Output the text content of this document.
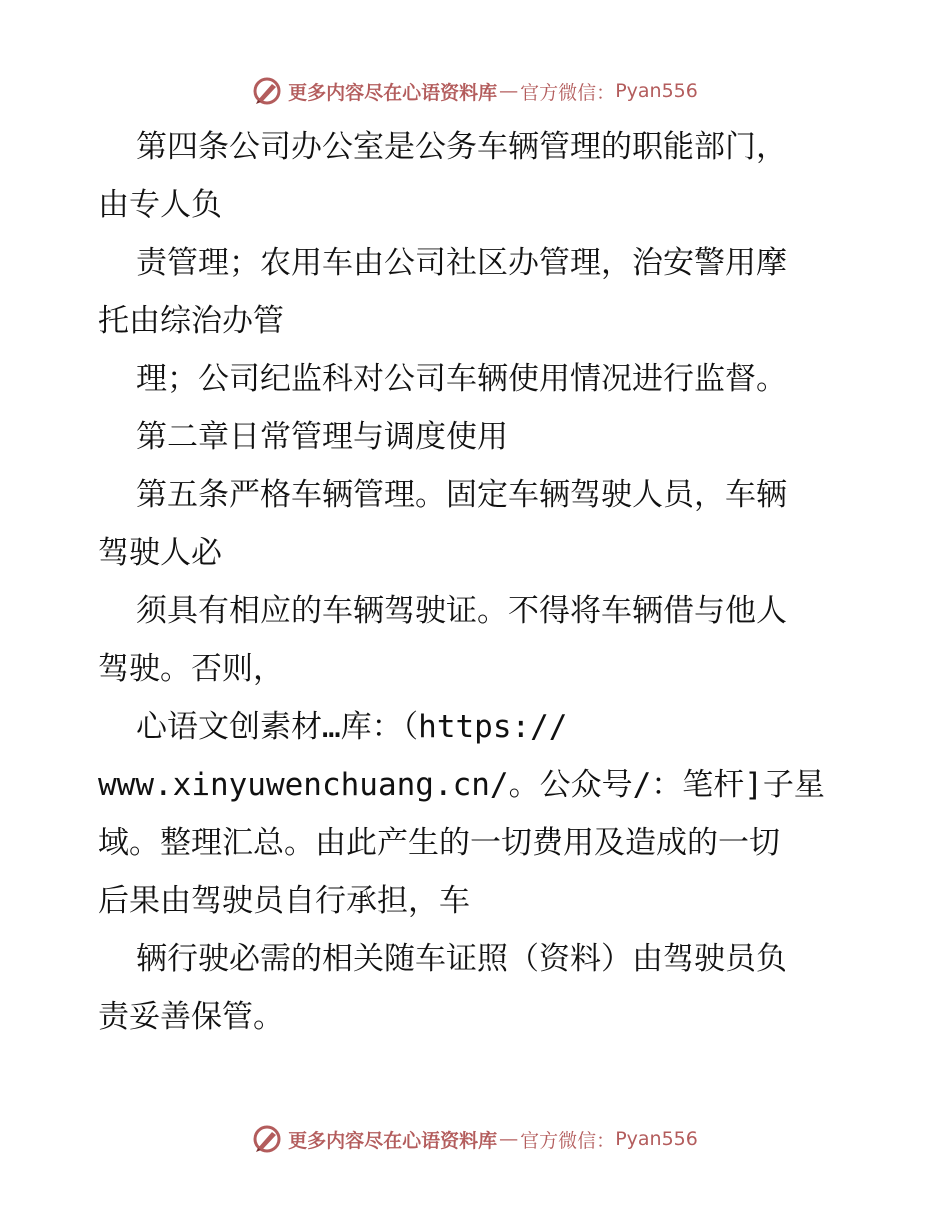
更多内容尽在心语资料库 — 官方微信： Pyan556
第四条公司办公室是公务车辆管理的职能部门，
由专人负
责管理；农用车由公司社区办管理，治安警用摩
托由综治办管
理；公司纪监科对公司车辆使用情况进行监督。
第二章日常管理与调度使用
第五条严格车辆管理。固定车辆驾驶人员，车辆
驾驶人必
须具有相应的车辆驾驶证。不得将车辆借与他人
驾驶。否则，
心语文创素材…库：（https://
www.xinyuwenchuang.cn/。公众号/：笔杆]子星
域。整理汇总。由此产生的一切费用及造成的一切
后果由驾驶员自行承担，车
辆行驶必需的相关随车证照（资料）由驾驶员负
责妥善保管。
更多内容尽在心语资料库 — 官方微信： Pyan556
